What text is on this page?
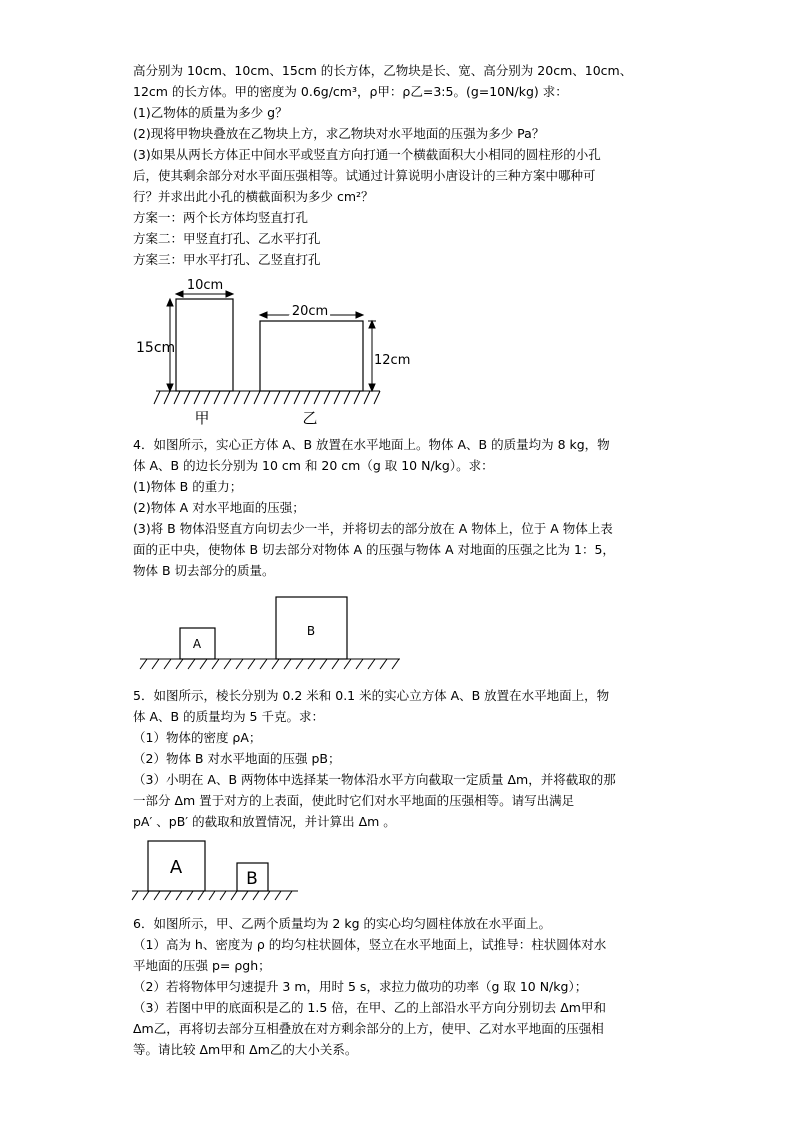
高分别为 10cm、10cm、15cm 的长方体，乙物块是长、宽、高分别为 20cm、10cm、
12cm 的长方体。甲的密度为 0.6g/cm³，ρ甲：ρ乙=3:5。(g=10N/kg) 求：
(1)乙物体的质量为多少 g？
(2)现将甲物块叠放在乙物块上方，求乙物块对水平地面的压强为多少 Pa？
(3)如果从两长方体正中间水平或竖直方向打通一个横截面积大小相同的圆柱形的小孔
后，使其剩余部分对水平面压强相等。试通过计算说明小唐设计的三种方案中哪种可
行？并求出此小孔的横截面积为多少 cm²？
方案一：两个长方体均竖直打孔
方案二：甲竖直打孔、乙水平打孔
方案三：甲水平打孔、乙竖直打孔
10cm
15cm
20cm
12cm
甲	乙
4．如图所示，实心正方体 A、B 放置在水平地面上。物体 A、B 的质量均为 8 kg，物
体 A、B 的边长分别为 10 cm 和 20 cm（g 取 10 N/kg）。求：
(1)物体 B 的重力；
(2)物体 A 对水平地面的压强；
(3)将 B 物体沿竖直方向切去少一半，并将切去的部分放在 A 物体上，位于 A 物体上表
面的正中央，使物体 B 切去部分对物体 A 的压强与物体 A 对地面的压强之比为 1：5，
物体 B 切去部分的质量。
A
B
5．如图所示，棱长分别为 0.2 米和 0.1 米的实心立方体 A、B 放置在水平地面上，物
体 A、B 的质量均为 5 千克。求：
（1）物体的密度 ρA；
（2）物体 B 对水平地面的压强 pB；
（3）小明在 A、B 两物体中选择某一物体沿水平方向截取一定质量 Δm，并将截取的那
一部分 Δm 置于对方的上表面，使此时它们对水平地面的压强相等。请写出满足
pA′ 、pB′ 的截取和放置情况，并计算出 Δm 。
A
B
6．如图所示，甲、乙两个质量均为 2 kg 的实心均匀圆柱体放在水平面上。
（1）高为 h、密度为 ρ 的均匀柱状圆体，竖立在水平地面上，试推导：柱状圆体对水
平地面的压强 p= ρgh；
（2）若将物体甲匀速提升 3 m，用时 5 s，求拉力做功的功率（g 取 10 N/kg）；
（3）若图中甲的底面积是乙的 1.5 倍，在甲、乙的上部沿水平方向分别切去 Δm甲和
Δm乙，再将切去部分互相叠放在对方剩余部分的上方，使甲、乙对水平地面的压强相
等。请比较 Δm甲和 Δm乙的大小关系。
